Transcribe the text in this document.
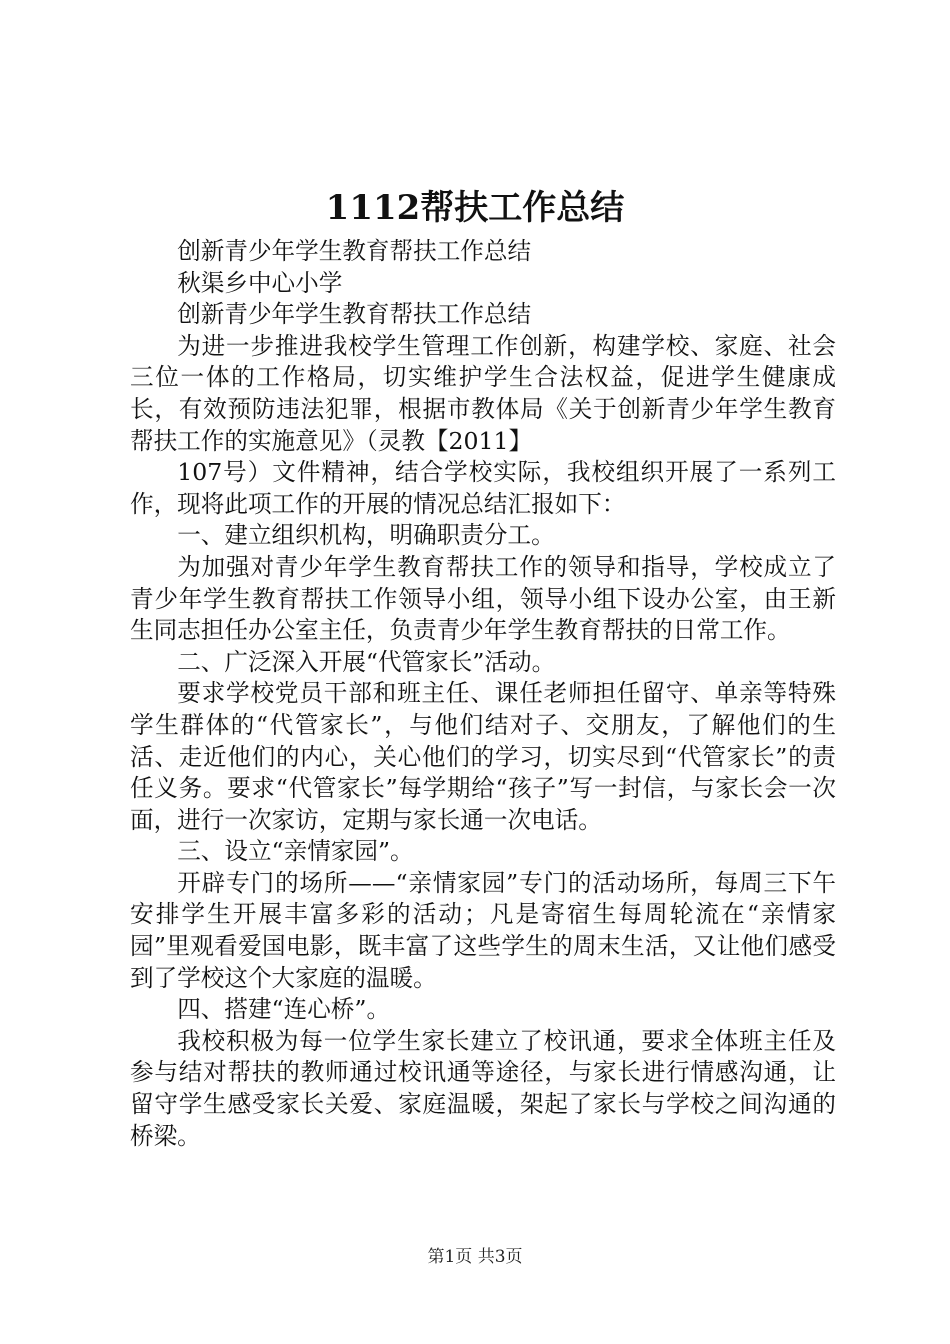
1112帮扶工作总结

创新青少年学生教育帮扶工作总结

秋渠乡中心小学

创新青少年学生教育帮扶工作总结

为进一步推进我校学生管理工作创新，构建学校、家庭、社会三位一体的工作格局，切实维护学生合法权益，促进学生健康成长，有效预防违法犯罪，根据市教体局《关于创新青少年学生教育帮扶工作的实施意见》（灵教【2011】

107号）文件精神，结合学校实际，我校组织开展了一系列工作，现将此项工作的开展的情况总结汇报如下：

一、建立组织机构，明确职责分工。

为加强对青少年学生教育帮扶工作的领导和指导，学校成立了青少年学生教育帮扶工作领导小组，领导小组下设办公室，由王新生同志担任办公室主任，负责青少年学生教育帮扶的日常工作。

二、广泛深入开展“代管家长”活动。

要求学校党员干部和班主任、课任老师担任留守、单亲等特殊学生群体的“代管家长”，与他们结对子、交朋友，了解他们的生活、走近他们的内心，关心他们的学习，切实尽到“代管家长”的责任义务。要求“代管家长”每学期给“孩子”写一封信，与家长会一次面，进行一次家访，定期与家长通一次电话。

三、设立“亲情家园”。

开辟专门的场所——“亲情家园”专门的活动场所，每周三下午安排学生开展丰富多彩的活动；凡是寄宿生每周轮流在“亲情家园”里观看爱国电影，既丰富了这些学生的周末生活，又让他们感受到了学校这个大家庭的温暖。

四、搭建“连心桥”。

我校积极为每一位学生家长建立了校讯通，要求全体班主任及参与结对帮扶的教师通过校讯通等途径，与家长进行情感沟通，让留守学生感受家长关爱、家庭温暖，架起了家长与学校之间沟通的桥梁。

第1页 共3页
